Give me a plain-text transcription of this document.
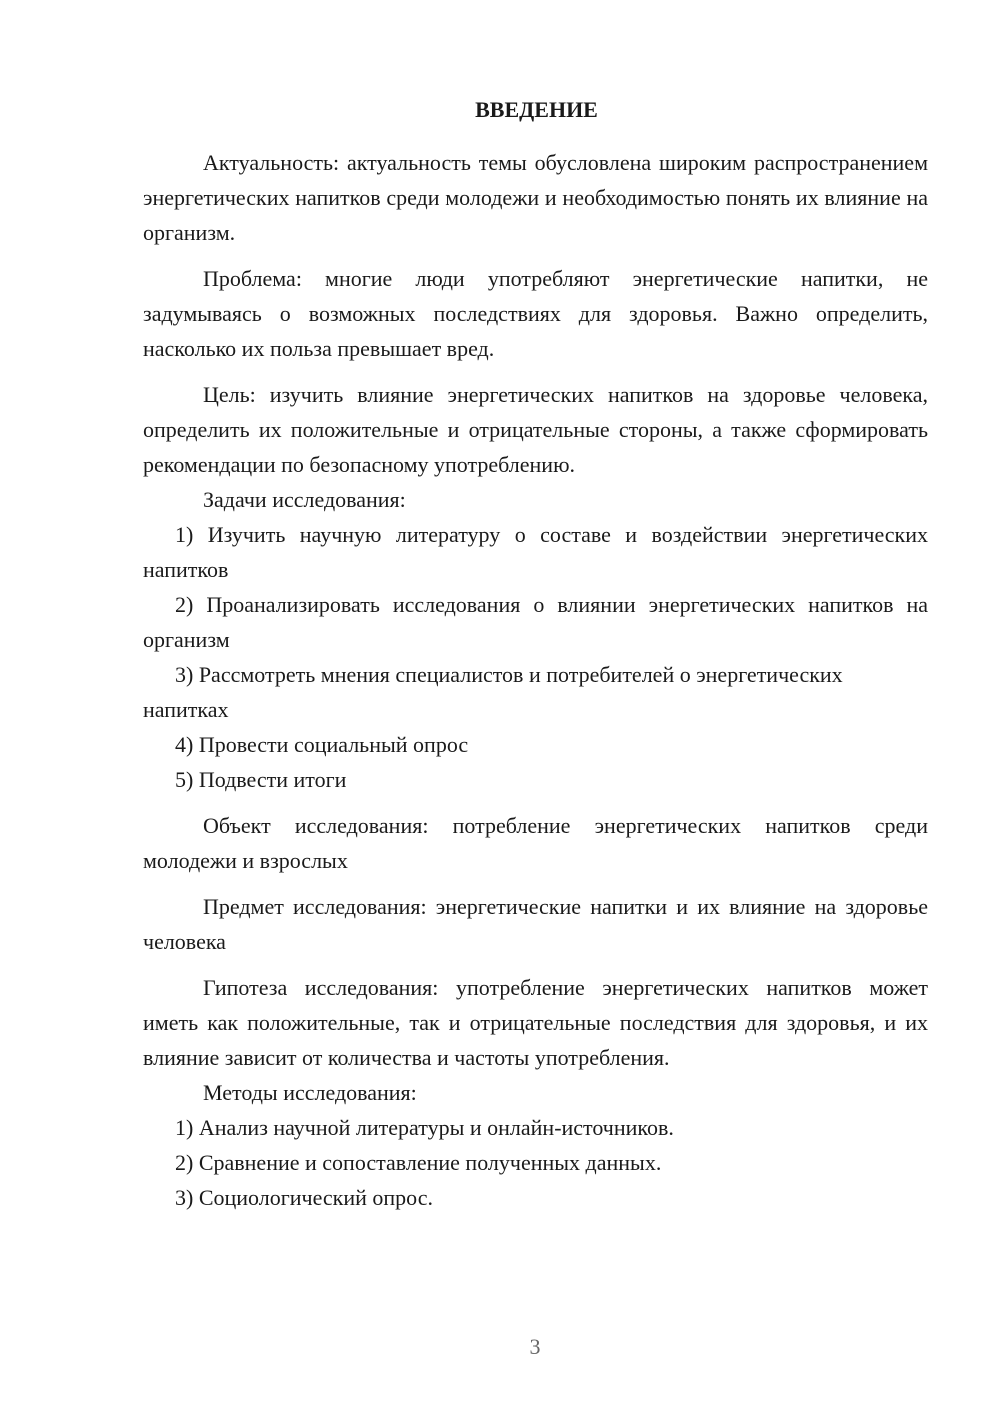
ВВЕДЕНИЕ

Актуальность: актуальность темы обусловлена широким распространением энергетических напитков среди молодежи и необходимостью понять их влияние на организм.

Проблема: многие люди употребляют энергетические напитки, не задумываясь о возможных последствиях для здоровья. Важно определить, насколько их польза превышает вред.

Цель: изучить влияние энергетических напитков на здоровье человека, определить их положительные и отрицательные стороны, а также сформировать рекомендации по безопасному употреблению.

Задачи исследования:

1) Изучить научную литературу о составе и воздействии энергетических напитков

2) Проанализировать исследования о влиянии энергетических напитков на организм

3) Рассмотреть мнения специалистов и потребителей о энергетических напитках

4) Провести социальный опрос

5) Подвести итоги

Объект исследования: потребление энергетических напитков среди молодежи и взрослых

Предмет исследования: энергетические напитки и их влияние на здоровье человека

Гипотеза исследования: употребление энергетических напитков может иметь как положительные, так и отрицательные последствия для здоровья, и их влияние зависит от количества и частоты употребления.

Методы исследования:

1) Анализ научной литературы и онлайн-источников.

2) Сравнение и сопоставление полученных данных.

3) Социологический опрос.

3
